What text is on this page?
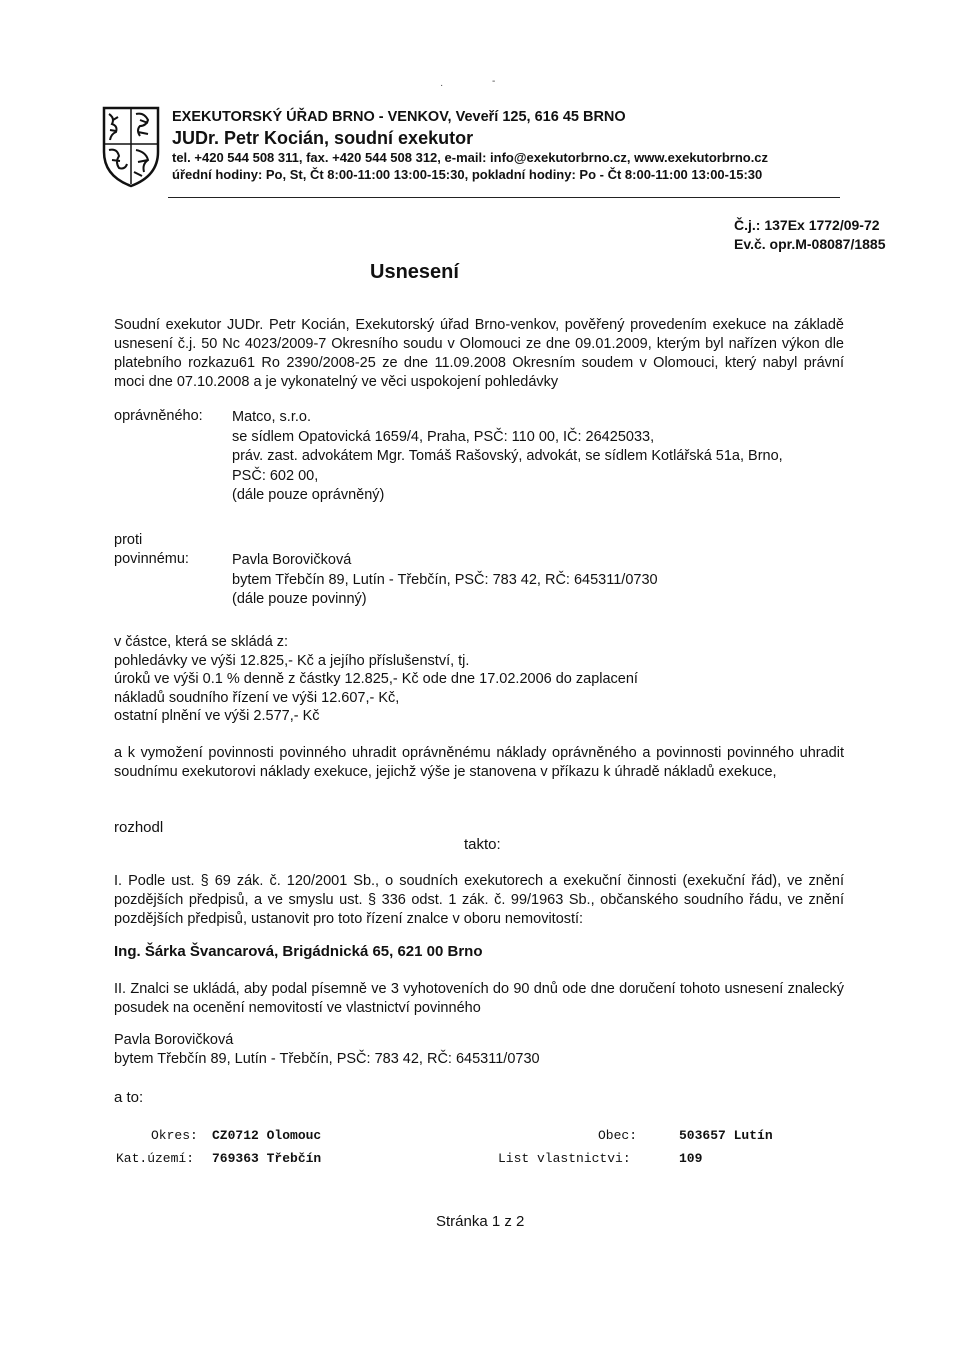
·	-
EXEKUTORSKÝ ÚŘAD BRNO - VENKOV, Veveří 125, 616 45 BRNO
JUDr. Petr Kocián, soudní exekutor
tel. +420 544 508 311, fax. +420 544 508 312, e-mail: info@exekutorbrno.cz, www.exekutorbrno.cz
úřední hodiny: Po, St, Čt 8:00-11:00 13:00-15:30, pokladní hodiny: Po - Čt 8:00-11:00 13:00-15:30
Č.j.: 137Ex 1772/09-72
Ev.č. opr.M-08087/1885
Usnesení
Soudní exekutor JUDr. Petr Kocián, Exekutorský úřad Brno-venkov, pověřený provedením exekuce na základě usnesení č.j. 50 Nc 4023/2009-7 Okresního soudu v Olomouci ze dne 09.01.2009, kterým byl nařízen výkon dle platebního rozkazu61 Ro 2390/2008-25 ze dne 11.09.2008 Okresním soudem v Olomouci, který nabyl právní moci dne 07.10.2008 a je vykonatelný ve věci uspokojení pohledávky
oprávněného: Matco, s.r.o.
se sídlem Opatovická 1659/4, Praha, PSČ: 110 00, IČ: 26425033,
práv. zast. advokátem Mgr. Tomáš Rašovský, advokát, se sídlem Kotlářská 51a, Brno,
PSČ: 602 00,
(dále pouze oprávněný)
proti
povinnému:	Pavla Borovičková
bytem Třebčín 89, Lutín - Třebčín, PSČ: 783 42, RČ: 645311/0730
(dále pouze povinný)
v částce, která se skládá z:
pohledávky ve výši 12.825,- Kč a jejího příslušenství, tj.
úroků ve výši 0.1 % denně z částky 12.825,- Kč ode dne 17.02.2006 do zaplacení
nákladů soudního řízení ve výši 12.607,- Kč,
ostatní plnění ve výši 2.577,- Kč
a k vymožení povinnosti povinného uhradit oprávněnému náklady oprávněného a povinnosti povinného uhradit soudnímu exekutorovi náklady exekuce, jejichž výše je stanovena v příkazu k úhradě nákladů exekuce,
rozhodl
takto:
I. Podle ust. § 69 zák. č. 120/2001 Sb., o soudních exekutorech a exekuční činnosti (exekuční řád), ve znění pozdějších předpisů, a ve smyslu ust. § 336 odst. 1 zák. č. 99/1963 Sb., občanského soudního řádu, ve znění pozdějších předpisů, ustanovit pro toto řízení znalce v oboru nemovitostí:
Ing. Šárka Švancarová, Brigádnická 65, 621 00 Brno
II. Znalci se ukládá, aby podal písemně ve 3 vyhotoveních do 90 dnů ode dne doručení tohoto usnesení znalecký posudek na ocenění nemovitostí ve vlastnictví povinného
Pavla Borovičková
bytem Třebčín 89, Lutín - Třebčín, PSČ: 783 42, RČ: 645311/0730
a to:
Okres: CZ0712 Olomouc	Obec:	503657 Lutín
Kat.území: 769363 Třebčín	List vlastnictvi:	109
Stránka 1 z 2
